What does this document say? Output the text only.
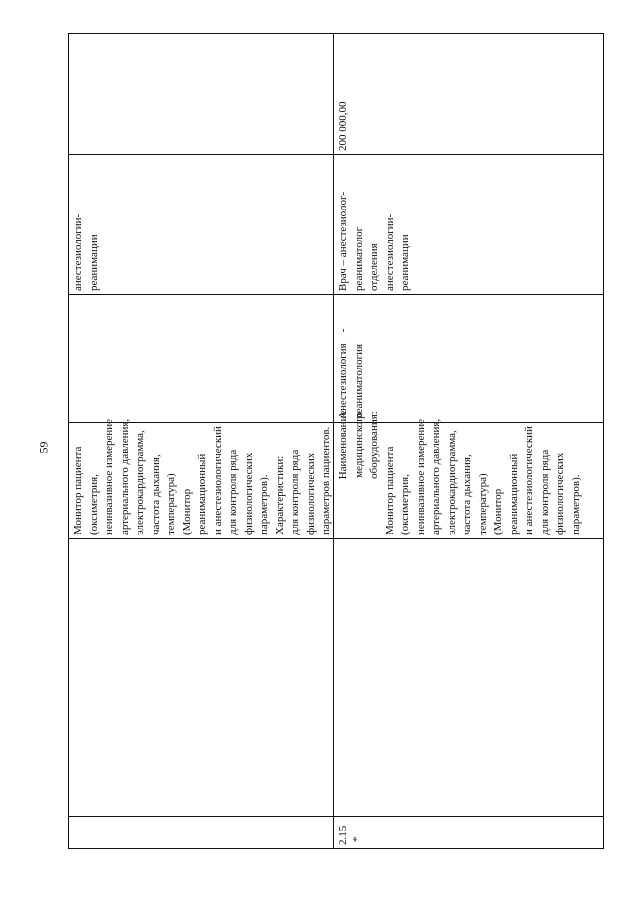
59 Монитор пациента (оксиметрия, неинвазивное измерение артериального давления, электрокардиограмма, частота дыхания, температура) (Монитор реанимационный и анестезиологический для контроля ряда физиологических параметров). Характеристики: для контроля ряда физиологических параметров пациентов.
анестезиологии- реанимации
2.15 *
Наименование медицинского оборудования:
Монитор пациента (оксиметрия, неинвазивное измерение артериального давления, электрокардиограмма, частота дыхания, температура) (Монитор реанимационный и анестезиологический для контроля ряда физиологических параметров).
Анестезиология    - реаниматология
Врач – анестезиолог- реаниматолог отделения анестезиологии- реанимации
200 000,00
